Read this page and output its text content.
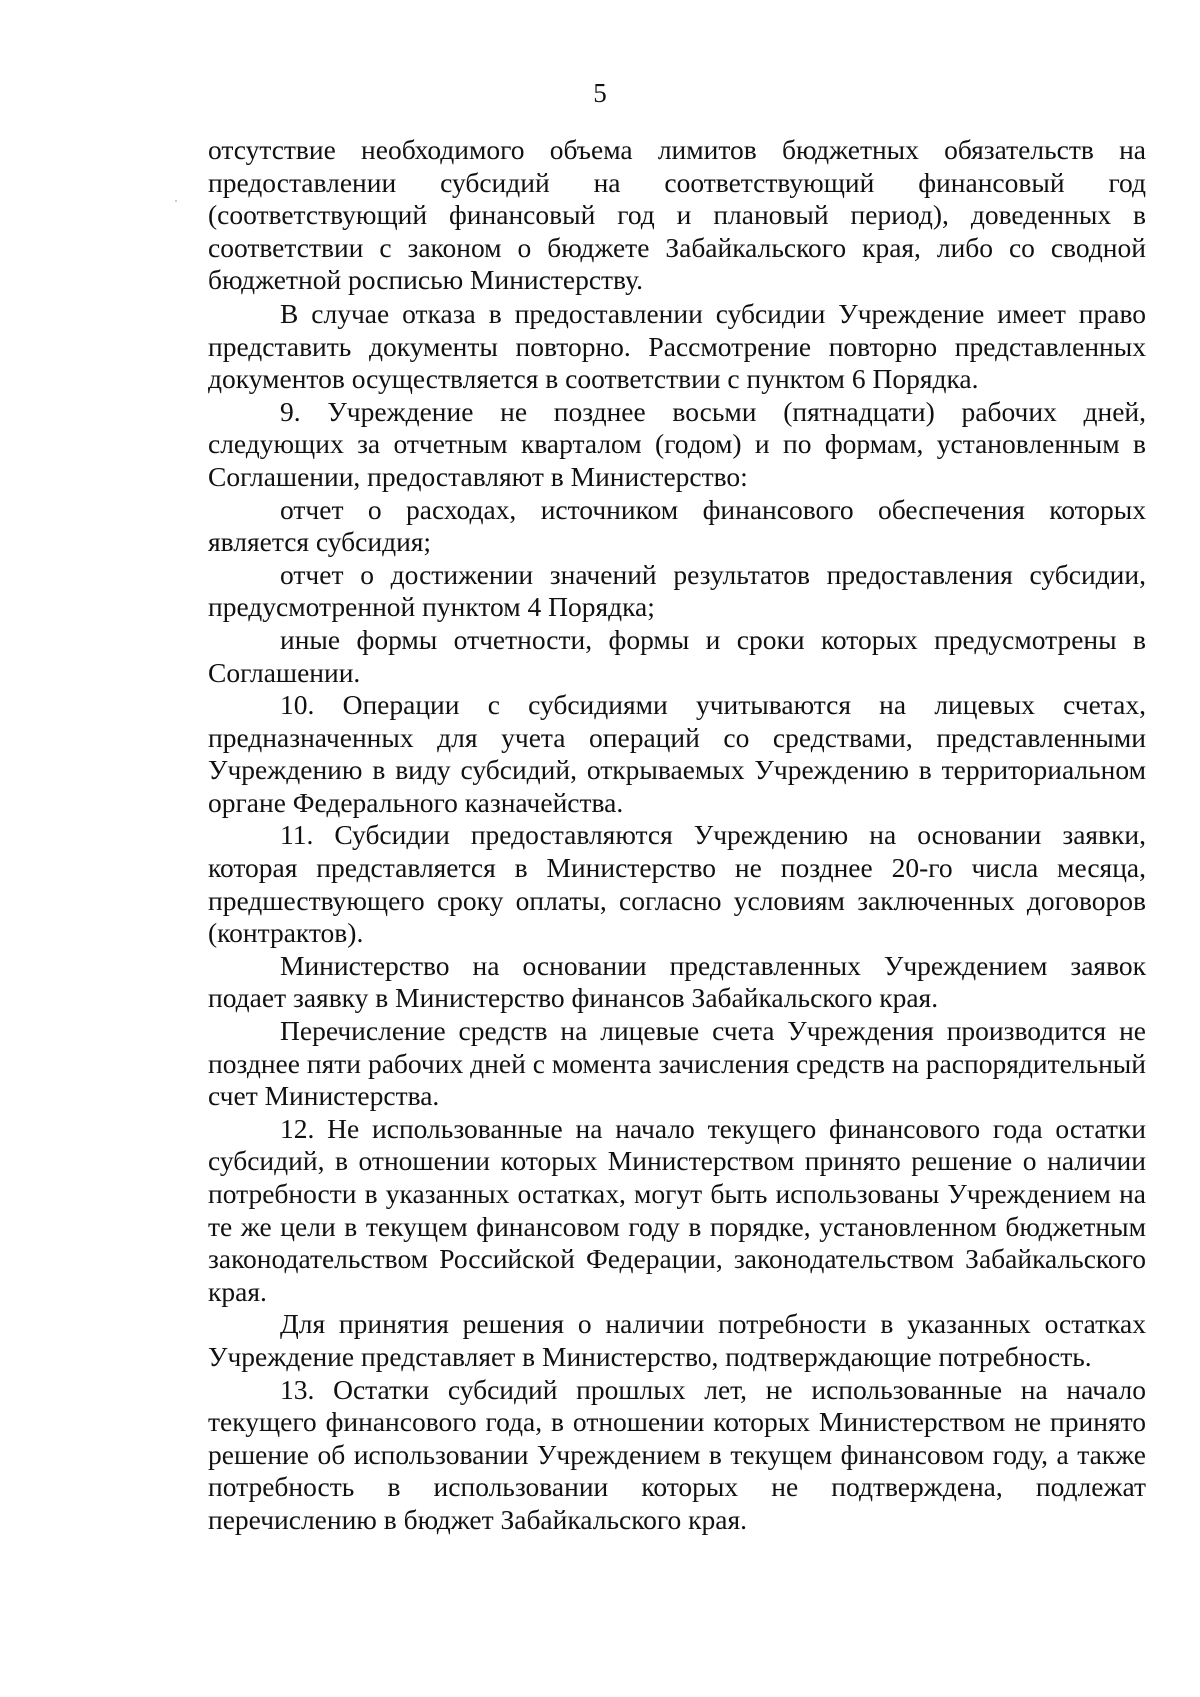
5

отсутствие необходимого объема лимитов бюджетных обязательств на предоставлении субсидий на соответствующий финансовый год (соответствующий финансовый год и плановый период), доведенных в соответствии с законом о бюджете Забайкальского края, либо со сводной бюджетной росписью Министерству.

В случае отказа в предоставлении субсидии Учреждение имеет право представить документы повторно. Рассмотрение повторно представленных документов осуществляется в соответствии с пунктом 6 Порядка.

9. Учреждение не позднее восьми (пятнадцати) рабочих дней, следующих за отчетным кварталом (годом) и по формам, установленным в Соглашении, предоставляют в Министерство:

отчет о расходах, источником финансового обеспечения которых является субсидия;

отчет о достижении значений результатов предоставления субсидии, предусмотренной пунктом 4 Порядка;

иные формы отчетности, формы и сроки которых предусмотрены в Соглашении.

10. Операции с субсидиями учитываются на лицевых счетах, предназначенных для учета операций со средствами, представленными Учреждению в виду субсидий, открываемых Учреждению в территориальном органе Федерального казначейства.

11. Субсидии предоставляются Учреждению на основании заявки, которая представляется в Министерство не позднее 20-го числа месяца, предшествующего сроку оплаты, согласно условиям заключенных договоров (контрактов).

Министерство на основании представленных Учреждением заявок подает заявку в Министерство финансов Забайкальского края.

Перечисление средств на лицевые счета Учреждения производится не позднее пяти рабочих дней с момента зачисления средств на распорядительный счет Министерства.

12. Не использованные на начало текущего финансового года остатки субсидий, в отношении которых Министерством принято решение о наличии потребности в указанных остатках, могут быть использованы Учреждением на те же цели в текущем финансовом году в порядке, установленном бюджетным законодательством Российской Федерации, законодательством Забайкальского края.

Для принятия решения о наличии потребности в указанных остатках Учреждение представляет в Министерство, подтверждающие потребность.

13. Остатки субсидий прошлых лет, не использованные на начало текущего финансового года, в отношении которых Министерством не принято решение об использовании Учреждением в текущем финансовом году, а также потребность в использовании которых не подтверждена, подлежат перечислению в бюджет Забайкальского края.
